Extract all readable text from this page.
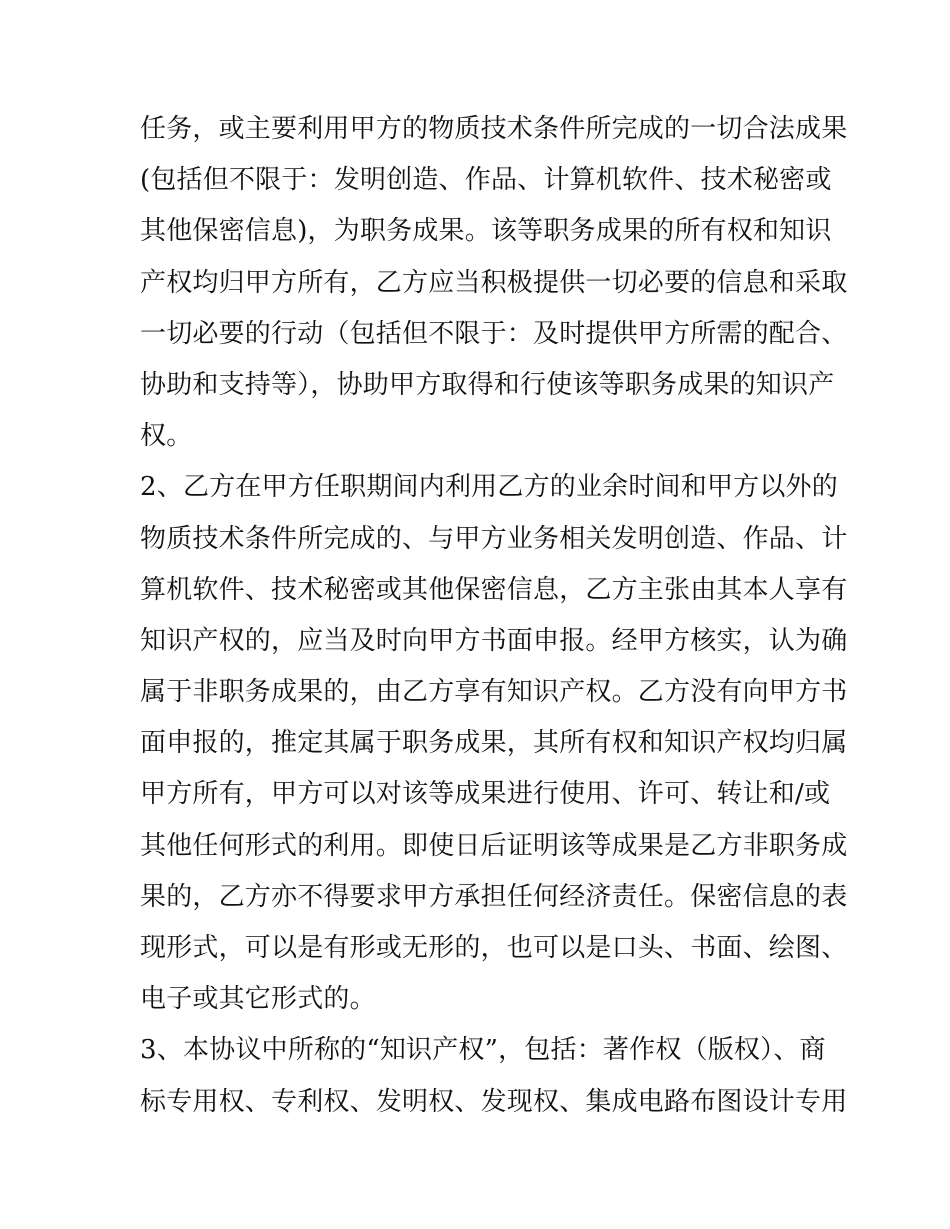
任务，或主要利用甲方的物质技术条件所完成的一切合法成果
(包括但不限于：发明创造、作品、计算机软件、技术秘密或
其他保密信息)，为职务成果。该等职务成果的所有权和知识
产权均归甲方所有，乙方应当积极提供一切必要的信息和采取
一切必要的行动（包括但不限于：及时提供甲方所需的配合、
协助和支持等），协助甲方取得和行使该等职务成果的知识产
权。
2、乙方在甲方任职期间内利用乙方的业余时间和甲方以外的
物质技术条件所完成的、与甲方业务相关发明创造、作品、计
算机软件、技术秘密或其他保密信息，乙方主张由其本人享有
知识产权的，应当及时向甲方书面申报。经甲方核实，认为确
属于非职务成果的，由乙方享有知识产权。乙方没有向甲方书
面申报的，推定其属于职务成果，其所有权和知识产权均归属
甲方所有，甲方可以对该等成果进行使用、许可、转让和/或
其他任何形式的利用。即使日后证明该等成果是乙方非职务成
果的，乙方亦不得要求甲方承担任何经济责任。保密信息的表
现形式，可以是有形或无形的，也可以是口头、书面、绘图、
电子或其它形式的。
3、本协议中所称的“知识产权”，包括：著作权（版权）、商
标专用权、专利权、发明权、发现权、集成电路布图设计专用
